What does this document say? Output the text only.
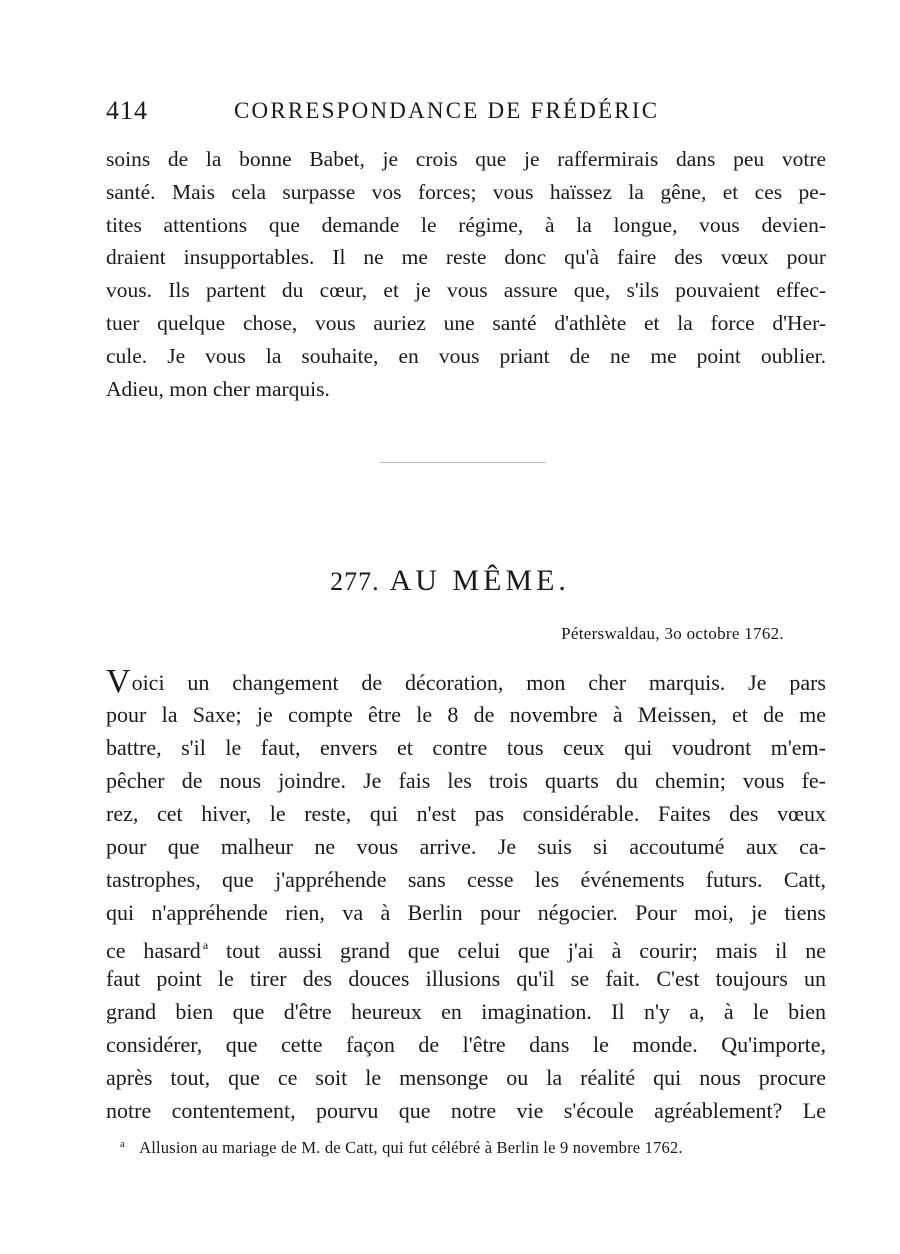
414	CORRESPONDANCE DE FRÉDÉRIC
soins de la bonne Babet, je crois que je raffermirais dans peu votre
santé. Mais cela surpasse vos forces; vous haïssez la gêne, et ces pe-
tites attentions que demande le régime, à la longue, vous devien-
draient insupportables. Il ne me reste donc qu'à faire des vœux pour
vous. Ils partent du cœur, et je vous assure que, s'ils pouvaient effec-
tuer quelque chose, vous auriez une santé d'athlète et la force d'Her-
cule. Je vous la souhaite, en vous priant de ne me point oublier.
Adieu, mon cher marquis.
277. AU MÊME.
Péterswaldau, 3o octobre 1762.
Voici un changement de décoration, mon cher marquis. Je pars
pour la Saxe; je compte être le 8 de novembre à Meissen, et de me
battre, s'il le faut, envers et contre tous ceux qui voudront m'em-
pêcher de nous joindre. Je fais les trois quarts du chemin; vous fe-
rez, cet hiver, le reste, qui n'est pas considérable. Faites des vœux
pour que malheur ne vous arrive. Je suis si accoutumé aux ca-
tastrophes, que j'appréhende sans cesse les événements futurs. Catt,
qui n'appréhende rien, va à Berlin pour négocier. Pour moi, je tiens
ce hasard $^a$ tout aussi grand que celui que j'ai à courir; mais il ne
faut point le tirer des douces illusions qu'il se fait. C'est toujours un
grand bien que d'être heureux en imagination. Il n'y a, à le bien
considérer, que cette façon de l'être dans le monde. Qu'importe,
après tout, que ce soit le mensonge ou la réalité qui nous procure
notre contentement, pourvu que notre vie s'écoule agréablement? Le
$^a$ Allusion au mariage de M. de Catt, qui fut célébré à Berlin le 9 novembre 1762.
